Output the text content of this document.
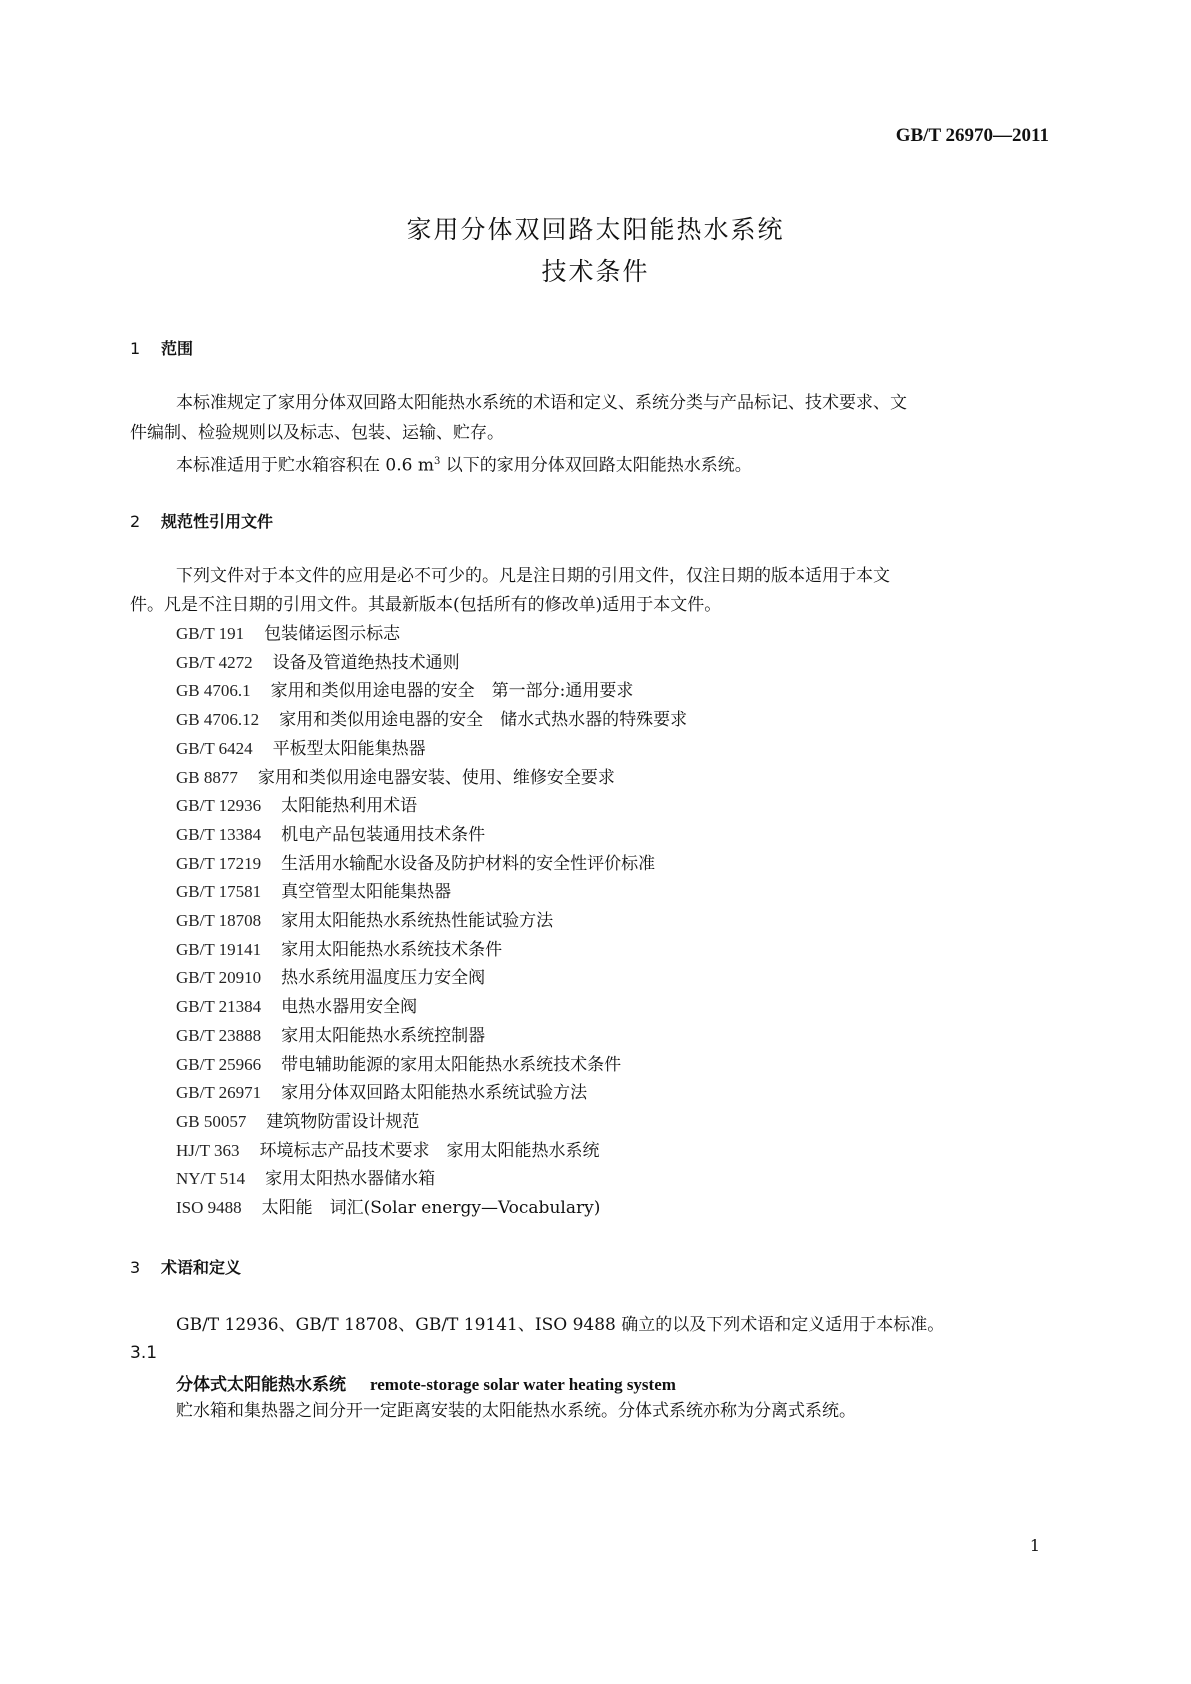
GB/T 26970—2011
家用分体双回路太阳能热水系统
技术条件
1 范围
本标准规定了家用分体双回路太阳能热水系统的术语和定义、系统分类与产品标记、技术要求、文
件编制、检验规则以及标志、包装、运输、贮存。
本标准适用于贮水箱容积在 0.6 $m^3$ 以下的家用分体双回路太阳能热水系统。
2 规范性引用文件
下列文件对于本文件的应用是必不可少的。凡是注日期的引用文件，仅注日期的版本适用于本文
件。凡是不注日期的引用文件。其最新版本(包括所有的修改单)适用于本文件。
GB/T 191 包装储运图示标志
GB/T 4272 设备及管道绝热技术通则
GB 4706.1 家用和类似用途电器的安全　第一部分:通用要求
GB 4706.12 家用和类似用途电器的安全　储水式热水器的特殊要求
GB/T 6424 平板型太阳能集热器
GB 8877 家用和类似用途电器安装、使用、维修安全要求
GB/T 12936 太阳能热利用术语
GB/T 13384 机电产品包装通用技术条件
GB/T 17219 生活用水输配水设备及防护材料的安全性评价标准
GB/T 17581 真空管型太阳能集热器
GB/T 18708 家用太阳能热水系统热性能试验方法
GB/T 19141 家用太阳能热水系统技术条件
GB/T 20910 热水系统用温度压力安全阀
GB/T 21384 电热水器用安全阀
GB/T 23888 家用太阳能热水系统控制器
GB/T 25966 带电辅助能源的家用太阳能热水系统技术条件
GB/T 26971 家用分体双回路太阳能热水系统试验方法
GB 50057 建筑物防雷设计规范
HJ/T 363 环境标志产品技术要求　家用太阳能热水系统
NY/T 514 家用太阳热水器储水箱
ISO 9488 太阳能　词汇(Solar energy—Vocabulary)
3 术语和定义
GB/T 12936、GB/T 18708、GB/T 19141、ISO 9488 确立的以及下列术语和定义适用于本标准。
3.1
分体式太阳能热水系统 remote-storage solar water heating system
贮水箱和集热器之间分开一定距离安装的太阳能热水系统。分体式系统亦称为分离式系统。
1
